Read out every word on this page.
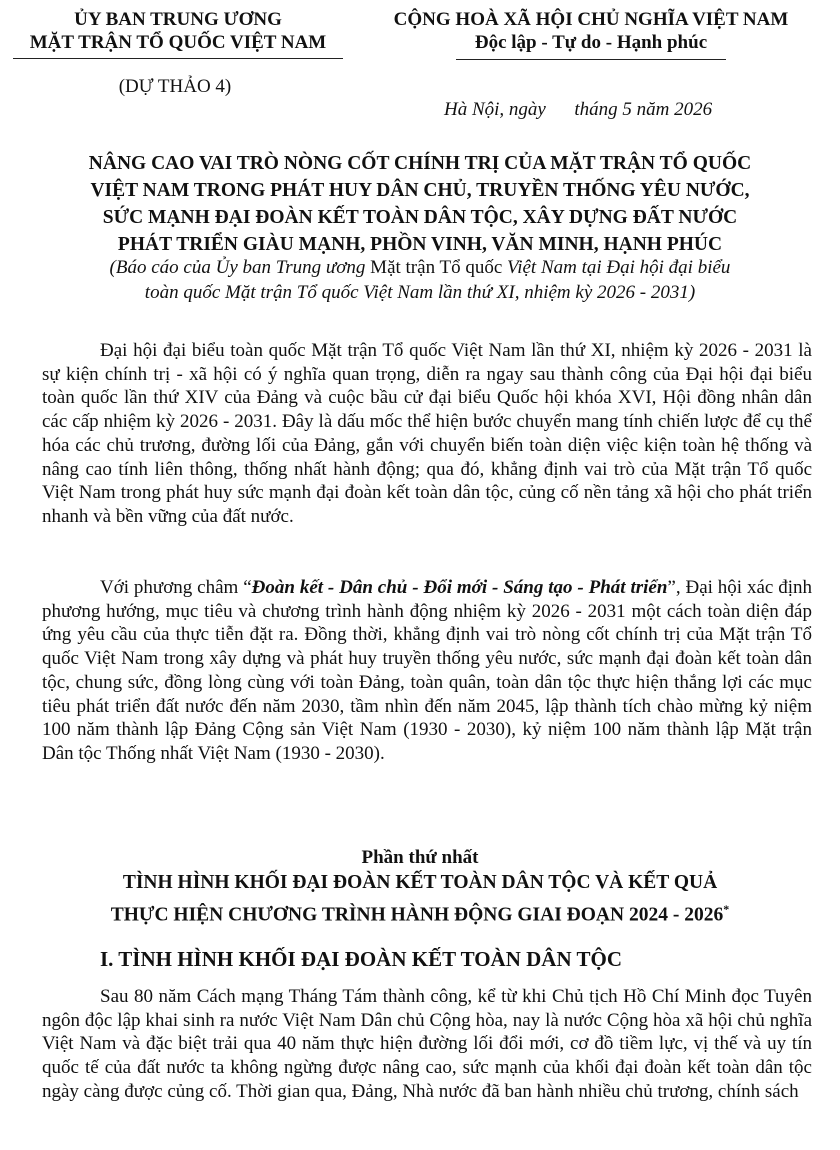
ỦY BAN TRUNG ƯƠNG
MẶT TRẬN TỔ QUỐC VIỆT NAM
CỘNG HOÀ XÃ HỘI CHỦ NGHĨA VIỆT NAM
Độc lập - Tự do - Hạnh phúc
(DỰ THẢO 4)
Hà Nội, ngày tháng 5 năm 2026
NÂNG CAO VAI TRÒ NÒNG CỐT CHÍNH TRỊ CỦA MẶT TRẬN TỔ QUỐC
VIỆT NAM TRONG PHÁT HUY DÂN CHỦ, TRUYỀN THỐNG YÊU NƯỚC,
SỨC MẠNH ĐẠI ĐOÀN KẾT TOÀN DÂN TỘC, XÂY DỰNG ĐẤT NƯỚC
PHÁT TRIỂN GIÀU MẠNH, PHỒN VINH, VĂN MINH, HẠNH PHÚC
(Báo cáo của Ủy ban Trung ương Mặt trận Tổ quốc Việt Nam tại Đại hội đại biểu
toàn quốc Mặt trận Tổ quốc Việt Nam lần thứ XI, nhiệm kỳ 2026 - 2031)

Đại hội đại biểu toàn quốc Mặt trận Tổ quốc Việt Nam lần thứ XI, nhiệm kỳ 2026 - 2031 là sự kiện chính trị - xã hội có ý nghĩa quan trọng, diễn ra ngay sau thành công của Đại hội đại biểu toàn quốc lần thứ XIV của Đảng và cuộc bầu cử đại biểu Quốc hội khóa XVI, Hội đồng nhân dân các cấp nhiệm kỳ 2026 - 2031. Đây là dấu mốc thể hiện bước chuyển mang tính chiến lược để cụ thể hóa các chủ trương, đường lối của Đảng, gắn với chuyển biến toàn diện việc kiện toàn hệ thống và nâng cao tính liên thông, thống nhất hành động; qua đó, khẳng định vai trò của Mặt trận Tổ quốc Việt Nam trong phát huy sức mạnh đại đoàn kết toàn dân tộc, củng cố nền tảng xã hội cho phát triển nhanh và bền vững của đất nước.

Với phương châm “Đoàn kết - Dân chủ - Đổi mới - Sáng tạo - Phát triển”, Đại hội xác định phương hướng, mục tiêu và chương trình hành động nhiệm kỳ 2026 - 2031 một cách toàn diện đáp ứng yêu cầu của thực tiễn đặt ra. Đồng thời, khẳng định vai trò nòng cốt chính trị của Mặt trận Tổ quốc Việt Nam trong xây dựng và phát huy truyền thống yêu nước, sức mạnh đại đoàn kết toàn dân tộc, chung sức, đồng lòng cùng với toàn Đảng, toàn quân, toàn dân tộc thực hiện thắng lợi các mục tiêu phát triển đất nước đến năm 2030, tầm nhìn đến năm 2045, lập thành tích chào mừng kỷ niệm 100 năm thành lập Đảng Cộng sản Việt Nam (1930 - 2030), kỷ niệm 100 năm thành lập Mặt trận Dân tộc Thống nhất Việt Nam (1930 - 2030).

Phần thứ nhất
TÌNH HÌNH KHỐI ĐẠI ĐOÀN KẾT TOÀN DÂN TỘC VÀ KẾT QUẢ
THỰC HIỆN CHƯƠNG TRÌNH HÀNH ĐỘNG GIAI ĐOẠN 2024 - 2026*
I. TÌNH HÌNH KHỐI ĐẠI ĐOÀN KẾT TOÀN DÂN TỘC

Sau 80 năm Cách mạng Tháng Tám thành công, kể từ khi Chủ tịch Hồ Chí Minh đọc Tuyên ngôn độc lập khai sinh ra nước Việt Nam Dân chủ Cộng hòa, nay là nước Cộng hòa xã hội chủ nghĩa Việt Nam và đặc biệt trải qua 40 năm thực hiện đường lối đổi mới, cơ đồ tiềm lực, vị thế và uy tín quốc tế của đất nước ta không ngừng được nâng cao, sức mạnh của khối đại đoàn kết toàn dân tộc ngày càng được củng cố. Thời gian qua, Đảng, Nhà nước đã ban hành nhiều chủ trương, chính sách
